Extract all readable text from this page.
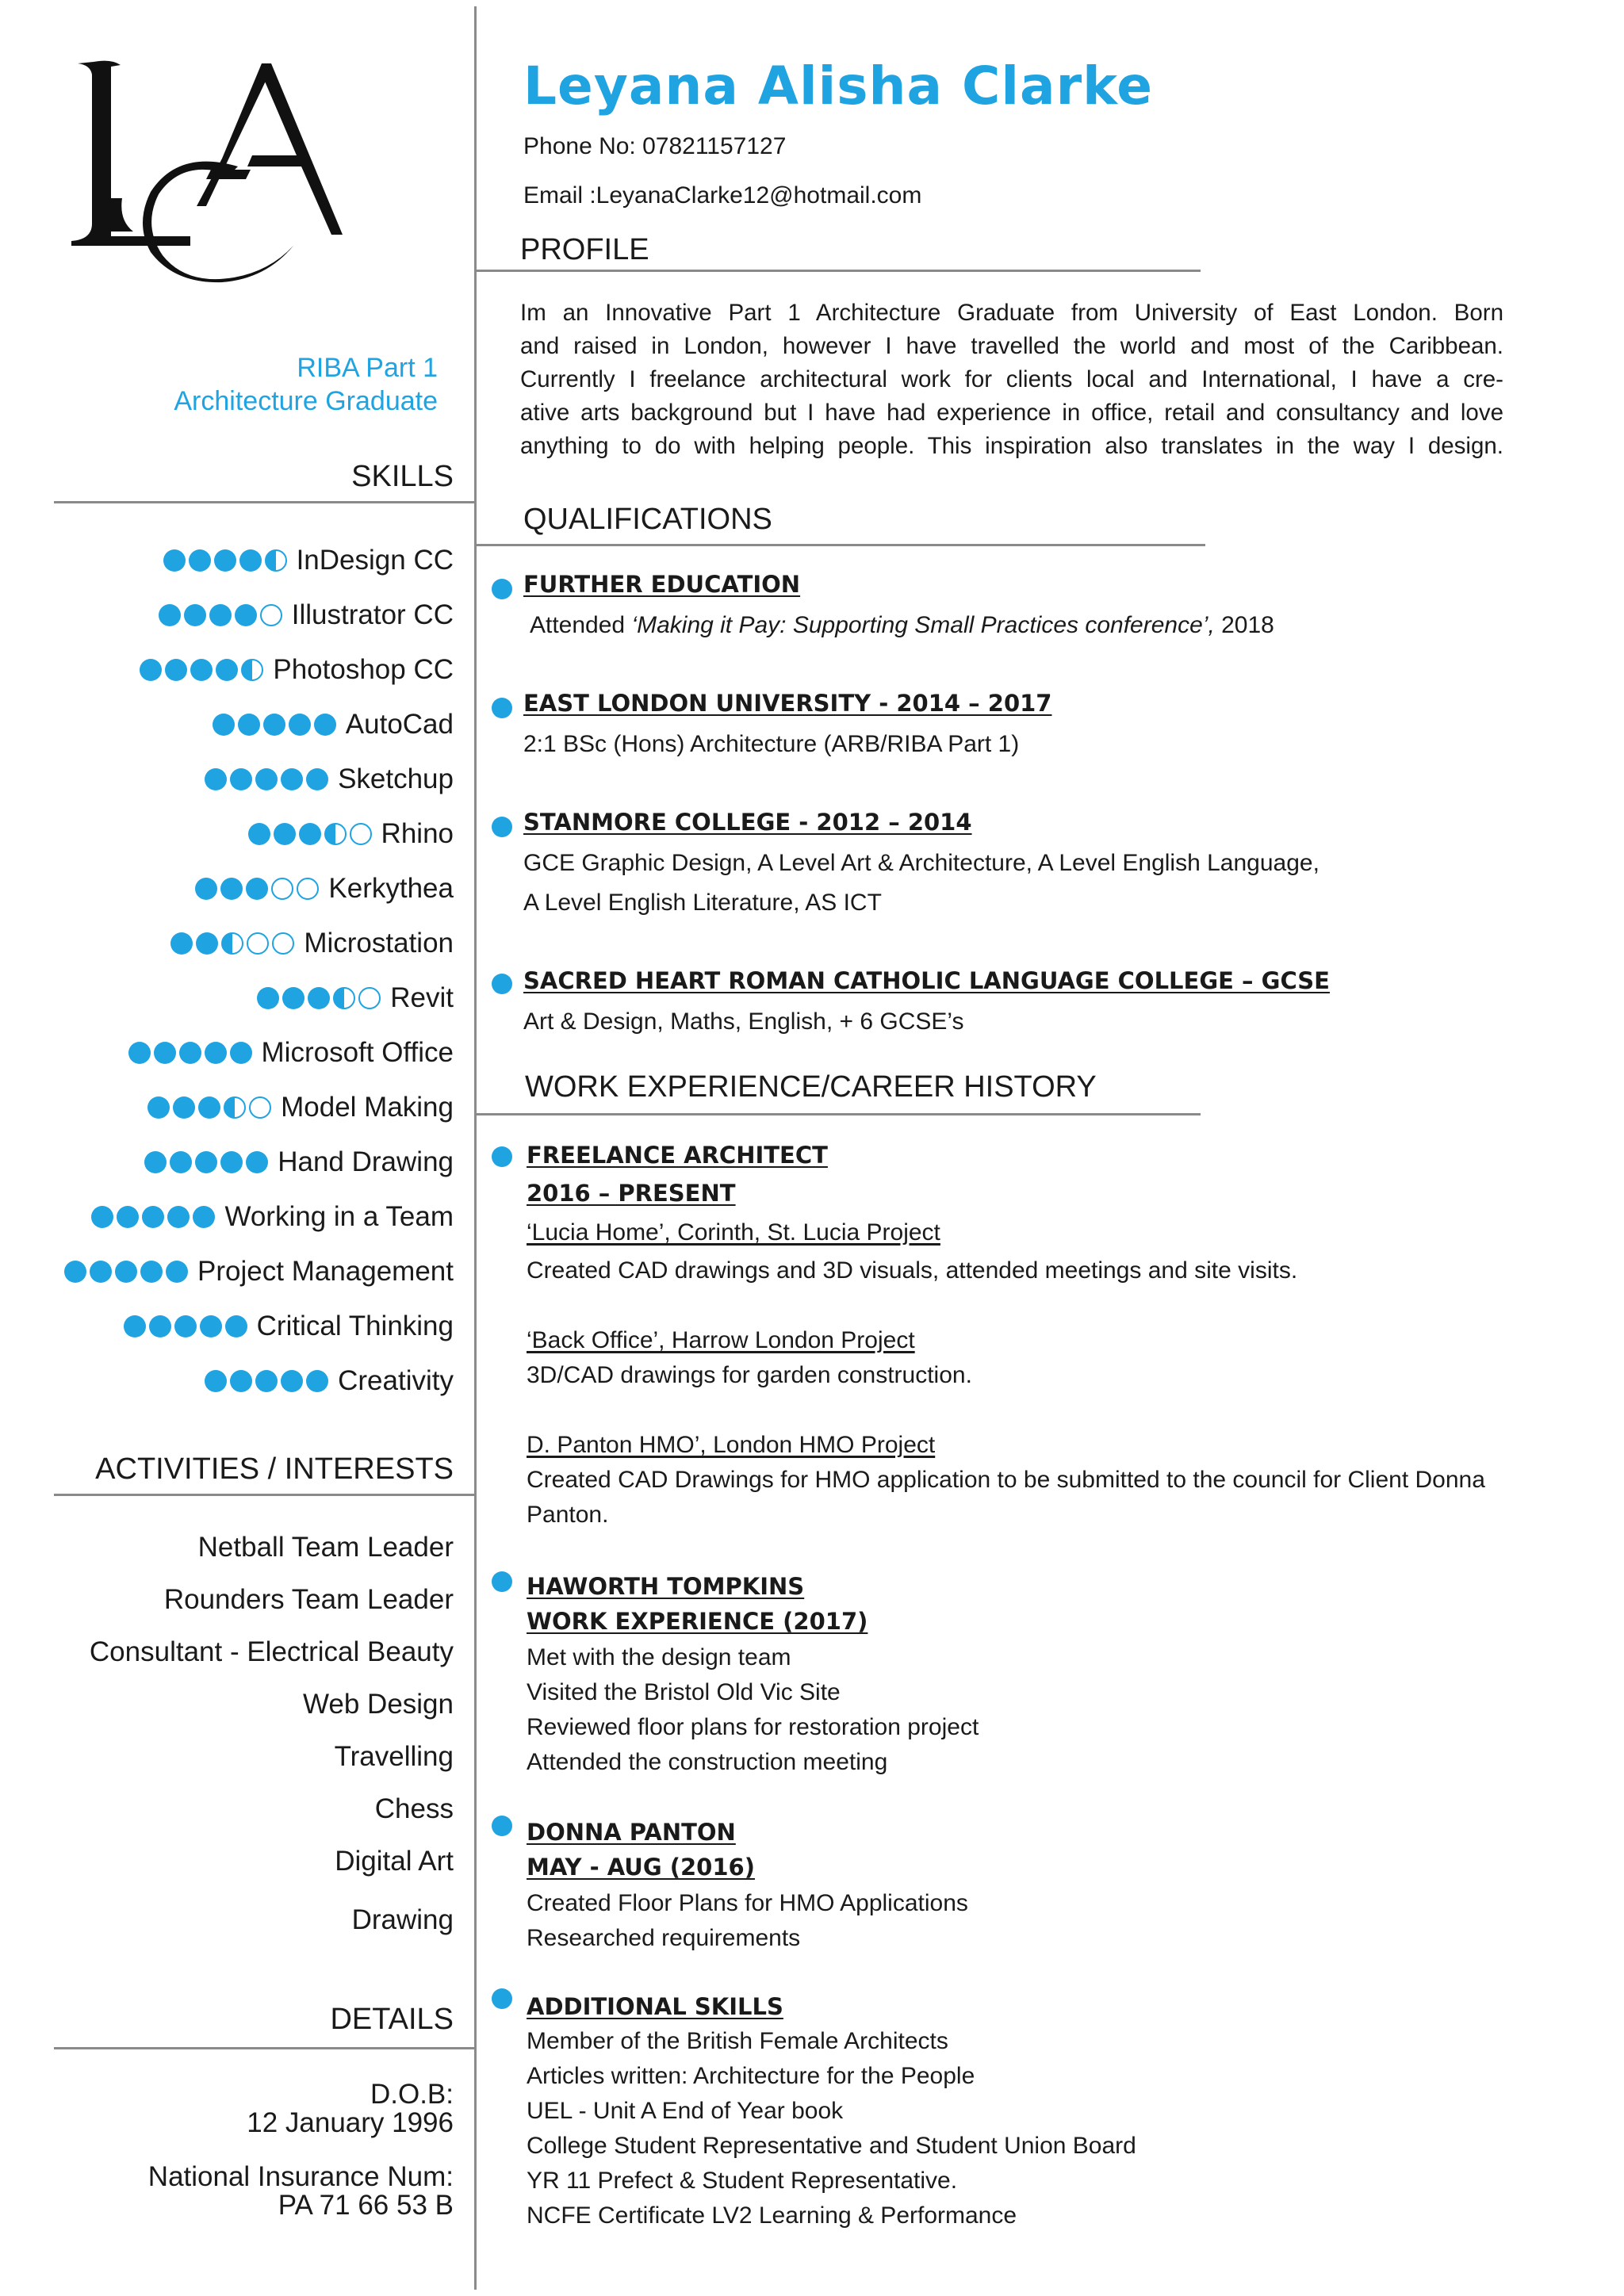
RIBA Part 1
Architecture Graduate
SKILLS
InDesign CC
Illustrator CC
Photoshop CC
AutoCad
Sketchup
Rhino
Kerkythea
Microstation
Revit
Microsoft Office
Model Making
Hand Drawing
Working in a Team
Project Management
Critical Thinking
Creativity
ACTIVITIES / INTERESTS
Netball Team Leader
Rounders Team Leader
Consultant - Electrical Beauty
Web Design
Travelling
Chess
Digital Art
Drawing
DETAILS
D.O.B:
12 January 1996
National Insurance Num:
PA 71 66 53 B
Leyana Alisha Clarke
Phone No: 07821157127
Email :LeyanaClarke12@hotmail.com
PROFILE
Im an Innovative Part 1 Architecture Graduate from University of East London. Born
and raised in London, however I have travelled the world and most of the Caribbean.
Currently I freelance architectural work for clients local and International, I have a cre-
ative arts background but I have had experience in office, retail and consultancy and love
anything to do with helping people. This inspiration also translates in the way I design.
QUALIFICATIONS
FURTHER EDUCATION
Attended ‘Making it Pay: Supporting Small Practices conference’, 2018
EAST LONDON UNIVERSITY - 2014 – 2017
2:1 BSc (Hons) Architecture (ARB/RIBA Part 1)
STANMORE COLLEGE - 2012 – 2014
GCE Graphic Design, A Level Art & Architecture, A Level English Language,
A Level English Literature, AS ICT
SACRED HEART ROMAN CATHOLIC LANGUAGE COLLEGE – GCSE
Art & Design, Maths, English, + 6 GCSE’s
WORK EXPERIENCE/CAREER HISTORY
FREELANCE ARCHITECT
2016 – PRESENT
‘Lucia Home’, Corinth, St. Lucia Project
Created CAD drawings and 3D visuals, attended meetings and site visits.
‘Back Office’, Harrow London Project
3D/CAD drawings for garden construction.
D. Panton HMO’, London HMO Project
Created CAD Drawings for HMO application to be submitted to the council for Client Donna
Panton.
HAWORTH TOMPKINS
WORK EXPERIENCE (2017)
Met with the design team
Visited the Bristol Old Vic Site
Reviewed floor plans for restoration project
Attended the construction meeting
DONNA PANTON
MAY - AUG (2016)
Created Floor Plans for HMO Applications
Researched requirements
ADDITIONAL SKILLS
Member of the British Female Architects
Articles written: Architecture for the People
UEL - Unit A End of Year book
College Student Representative and Student Union Board
YR 11 Prefect & Student Representative.
NCFE Certificate LV2 Learning & Performance
